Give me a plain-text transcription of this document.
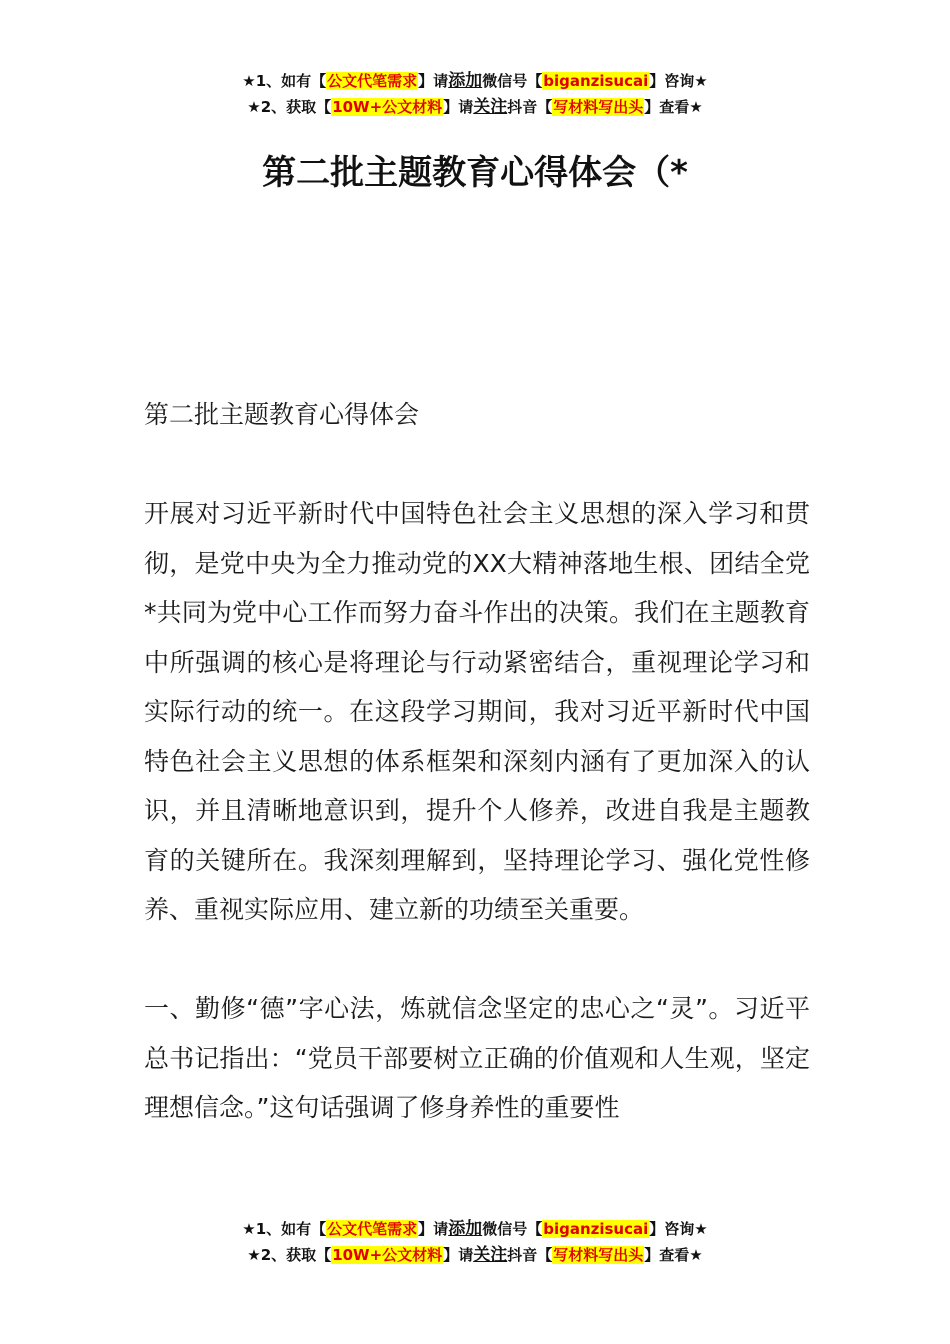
★1、如有【公文代笔需求】请添加微信号【biganzisucai】咨询★
★2、获取【10W+公文材料】请关注抖音【写材料写出头】查看★
第二批主题教育心得体会（*

第二批主题教育心得体会

开展对习近平新时代中国特色社会主义思想的深入学习和贯彻，是党中央为全力推动党的XX大精神落地生根、团结全党*共同为党中心工作而努力奋斗作出的决策。我们在主题教育中所强调的核心是将理论与行动紧密结合，重视理论学习和实际行动的统一。在这段学习期间，我对习近平新时代中国特色社会主义思想的体系框架和深刻内涵有了更加深入的认识，并且清晰地意识到，提升个人修养，改进自我是主题教育的关键所在。我深刻理解到，坚持理论学习、强化党性修养、重视实际应用、建立新的功绩至关重要。

一、勤修“德”字心法，炼就信念坚定的忠心之“灵”。习近平总书记指出：“党员干部要树立正确的价值观和人生观，坚定理想信念。”这句话强调了修身养性的重要性

★1、如有【公文代笔需求】请添加微信号【biganzisucai】咨询★
★2、获取【10W+公文材料】请关注抖音【写材料写出头】查看★
